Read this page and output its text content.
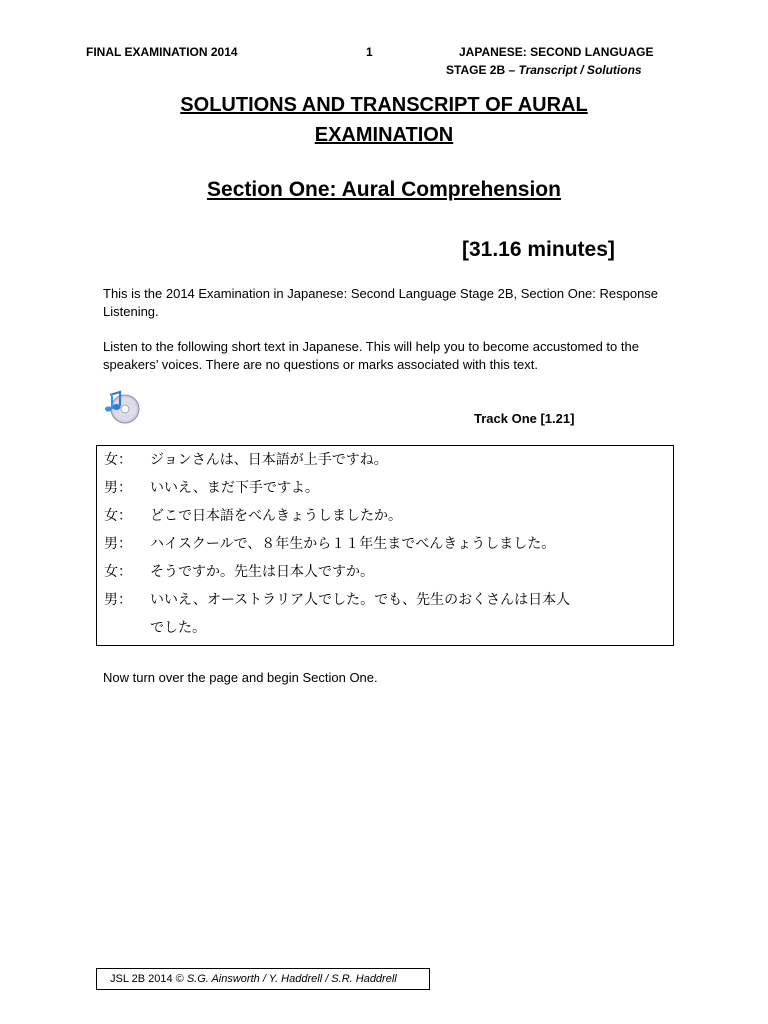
FINAL EXAMINATION 2014	1	JAPANESE: SECOND LANGUAGE
STAGE 2B – Transcript / Solutions
SOLUTIONS AND TRANSCRIPT OF AURAL
EXAMINATION
Section One: Aural Comprehension
[31.16 minutes]
This is the 2014 Examination in Japanese: Second Language Stage 2B, Section One: Response Listening.
Listen to the following short text in Japanese. This will help you to become accustomed to the speakers’ voices. There are no questions or marks associated with this text.
Track One [1.21]
女： ジョンさんは、日本語が上手ですね。
男： いいえ、まだ下手ですよ。
女： どこで日本語をべんきょうしましたか。
男： ハイスクールで、８年生から１１年生までべんきょうしました。
女： そうですか。先生は日本人ですか。
男： いいえ、オーストラリア人でした。でも、先生のおくさんは日本人
でした。
Now turn over the page and begin Section One.
JSL 2B 2014 © S.G. Ainsworth / Y. Haddrell / S.R. Haddrell
